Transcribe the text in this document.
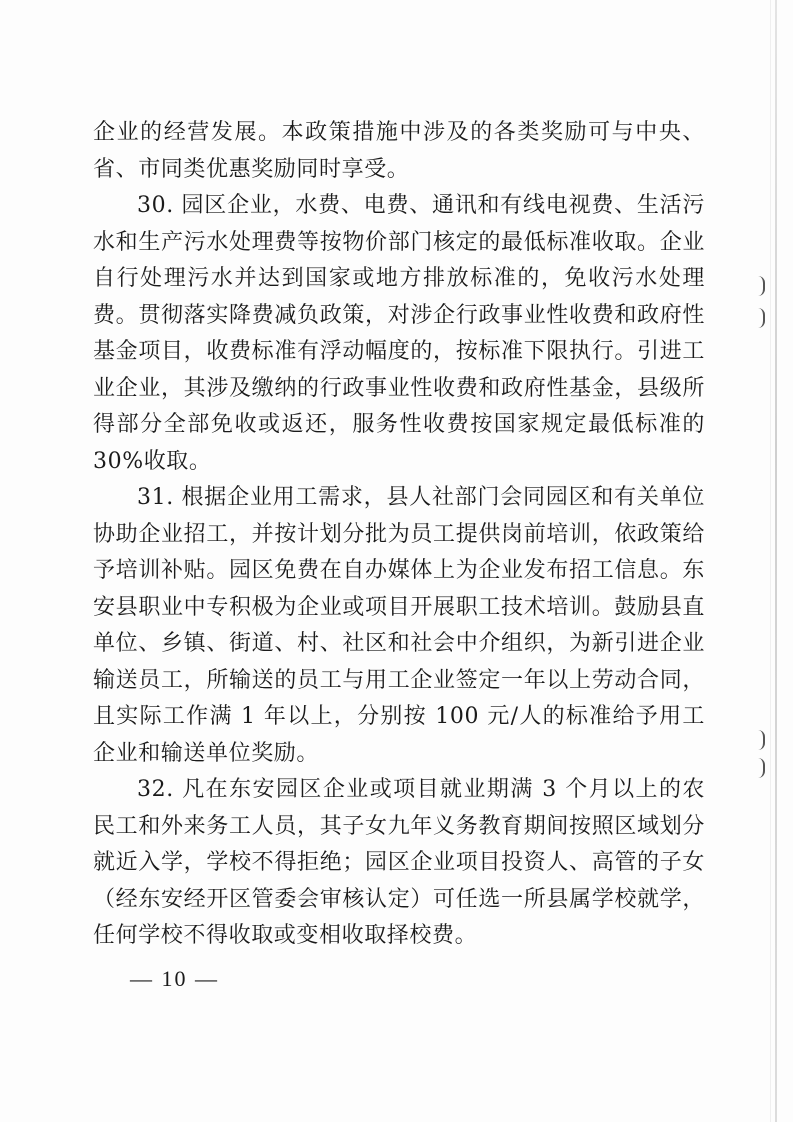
企业的经营发展。本政策措施中涉及的各类奖励可与中央、省、市同类优惠奖励同时享受。

30. 园区企业，水费、电费、通讯和有线电视费、生活污水和生产污水处理费等按物价部门核定的最低标准收取。企业自行处理污水并达到国家或地方排放标准的，免收污水处理费。贯彻落实降费减负政策，对涉企行政事业性收费和政府性基金项目，收费标准有浮动幅度的，按标准下限执行。引进工业企业，其涉及缴纳的行政事业性收费和政府性基金，县级所得部分全部免收或返还，服务性收费按国家规定最低标准的 30%收取。

31. 根据企业用工需求，县人社部门会同园区和有关单位协助企业招工，并按计划分批为员工提供岗前培训，依政策给予培训补贴。园区免费在自办媒体上为企业发布招工信息。东安县职业中专积极为企业或项目开展职工技术培训。鼓励县直单位、乡镇、街道、村、社区和社会中介组织，为新引进企业输送员工，所输送的员工与用工企业签定一年以上劳动合同，且实际工作满 1 年以上，分别按 100 元/人的标准给予用工企业和输送单位奖励。

32. 凡在东安园区企业或项目就业期满 3 个月以上的农民工和外来务工人员，其子女九年义务教育期间按照区域划分就近入学，学校不得拒绝；园区企业项目投资人、高管的子女（经东安经开区管委会审核认定）可任选一所县属学校就学，任何学校不得收取或变相收取择校费。

— 10 —
